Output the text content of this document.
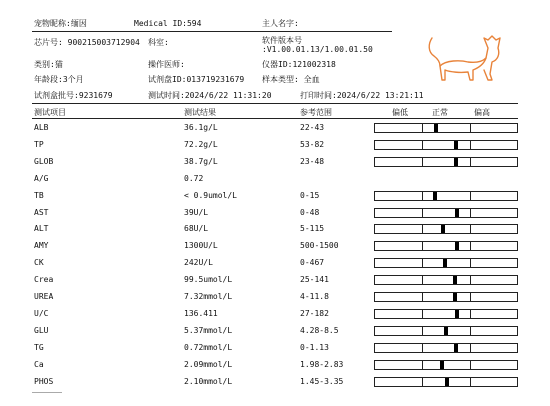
宠物昵称:缅因	Medical ID:594	主人名字:
芯片号: 900215003712904 科室:	软件版本号
:V1.00.01.13/1.00.01.50
类别:猫	操作医师:	仪器ID:121002318
年龄段:3个月	试剂盘ID:013719231679 样本类型: 全血
试剂盒批号:9231679	测试时间:2024/6/22 11:31:20	打印时间:2024/6/22 13:21:11
测试项目	测试结果	参考范围	偏低	正常	偏高
ALB	36.1g/L	22-43
TP	72.2g/L	53-82
GLOB	38.7g/L	23-48
A/G	0.72
TB	< 0.9umol/L	0-15
AST	39U/L	0-48
ALT	68U/L	5-115
AMY	1300U/L	500-1500
CK	242U/L	0-467
Crea	99.5umol/L	25-141
UREA	7.32mmol/L	4-11.8
U/C	136.411	27-182
GLU	5.37mmol/L	4.28-8.5
TG	0.72mmol/L	0-1.13
Ca	2.09mmol/L	1.98-2.83
PHOS	2.10mmol/L	1.45-3.35
